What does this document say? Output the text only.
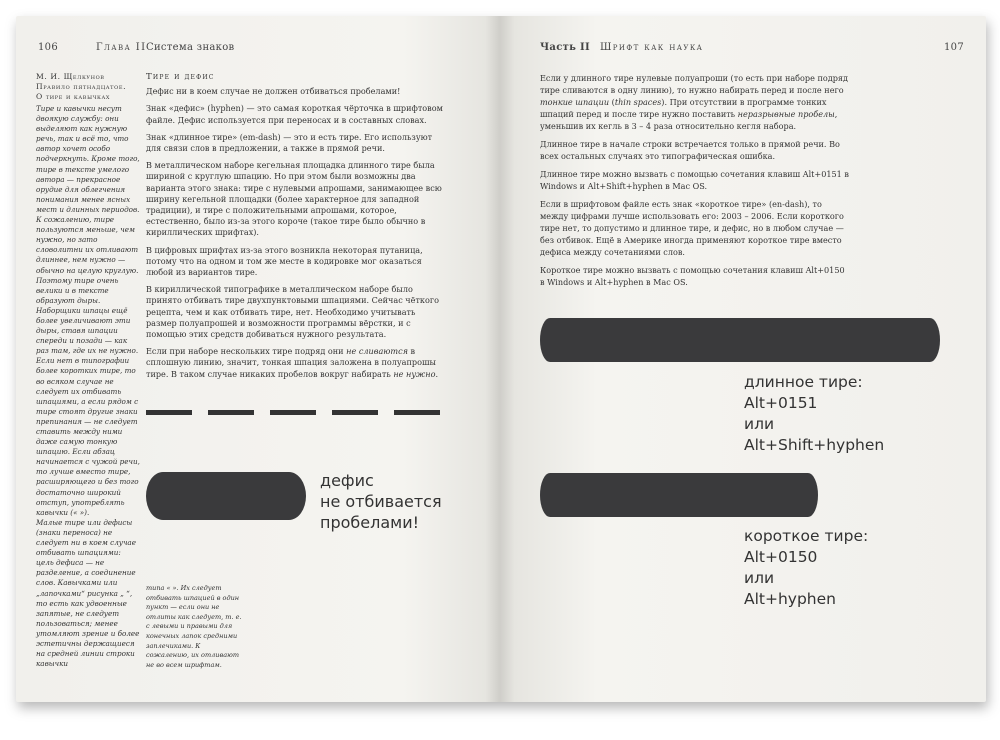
106	Глава II Система знаков
М. И. Щелкунов
Правило пятнадцатое.
О тире и кавычках

Тире и кавычки несут двоякую службу: они выделяют как нужную речь, так и всё то, что автор хочет особо подчеркнуть. Кроме того, тире в тексте умелого автора — прекрасное орудие для облегчения понимания менее ясных мест и длинных периодов. К сожалению, тире пользуются меньше, чем нужно, но зато словолитни их отливают длиннее, нем нужно — обычно на целую круглую. Поэтому тире очень велики и в тексте образуют дыры. Наборщики шпацы ещё более увеличивают эти дыры, ставя шпации спереди и позади — как раз там, где их не нужно. Если нет в типографии более коротких тире, то во всяком случае не следует их отбивать шпациями, а если рядом с тире стоят другие знаки препинания — не следует ставить между ними даже самую тонкую шпацию. Если абзац начинается с чужой речи, то лучше вместо тире, расширяющего и без того достаточно широкий отступ, употреблять кавычки (« »).

Малые тире или дефисы (знаки переноса) не следует ни в коем случае отбивать шпациями: цель дефиса — не разделение, а соединение слов. Кавычками или „лапочками“ рисунка „ “, то есть как удвоенные запятые, не следует пользоваться; менее утомляют зрение и более эстетичны держащиеся на средней линии строки кавычки

Тире и дефис

Дефис ни в коем случае не должен отбиваться пробелами!

Знак «дефис» (hyphen) — это самая короткая чёрточка в шрифтовом файле. Дефис используется при переносах и в составных словах.

Знак «длинное тире» (em-dash) — это и есть тире. Его используют для связи слов в предложении, а также в прямой речи.

В металлическом наборе кегельная площадка длинного тире была шириной с круглую шпацию. Но при этом были возможны два варианта этого знака: тире с нулевыми апрошами, занимающее всю ширину кегельной площадки (более характерное для западной традиции), и тире с положительными апрошами, которое, естественно, было из-за этого короче (такое тире было обычно в кириллических шрифтах).

В цифровых шрифтах из-за этого возникла некоторая путаница, потому что на одном и том же месте в кодировке мог оказаться любой из вариантов тире.

В кириллической типографике в металлическом наборе было принято отбивать тире двухпунктовыми шпациями. Сейчас чёткого рецепта, чем и как отбивать тире, нет. Необходимо учитывать размер полуапрошей и возможности программы вёрстки, и с помощью этих средств добиваться нужного результата.

Если при наборе нескольких тире подряд они не сливаются в сплошную линию, значит, тонкая шпация заложена в полуапрошы тире. В таком случае никаких пробелов вокруг набирать не нужно.

дефис
не отбивается
пробелами!
типа « ». Их следует отбивать шпацией в один пункт — если они не отлиты как следует, т. е. с левыми и правыми для конечных лапок средними заплечиками. К сожалению, их отливают не во всем шрифтам.
Часть II Шрифт как наука	107

Если у длинного тире нулевые полуапроши (то есть при наборе подряд тире сливаются в одну линию), то нужно набирать перед и после него тонкие шпации (thin spaces). При отсутствии в программе тонких шпаций перед и после тире нужно поставить неразрывные пробелы, уменьшив их кегль в 3 – 4 раза относительно кегля набора.

Длинное тире в начале строки встречается только в прямой речи. Во всех остальных случаях это типографическая ошибка.

Длинное тире можно вызвать с помощью сочетания клавиш Alt+0151 в Windows и Alt+Shift+hyphen в Mac OS.

Если в шрифтовом файле есть знак «короткое тире» (en-dash), то между цифрами лучше использовать его: 2003 – 2006. Если короткого тире нет, то допустимо и длинное тире, и дефис, но в любом случае — без отбивок. Ещё в Америке иногда применяют короткое тире вместо дефиса между сочетаниями слов.

Короткое тире можно вызвать с помощью сочетания клавиш Alt+0150 в Windows и Alt+hyphen в Mac OS.

длинное тире:
Alt+0151
или
Alt+Shift+hyphen
короткое тире:
Alt+0150
или
Alt+hyphen
